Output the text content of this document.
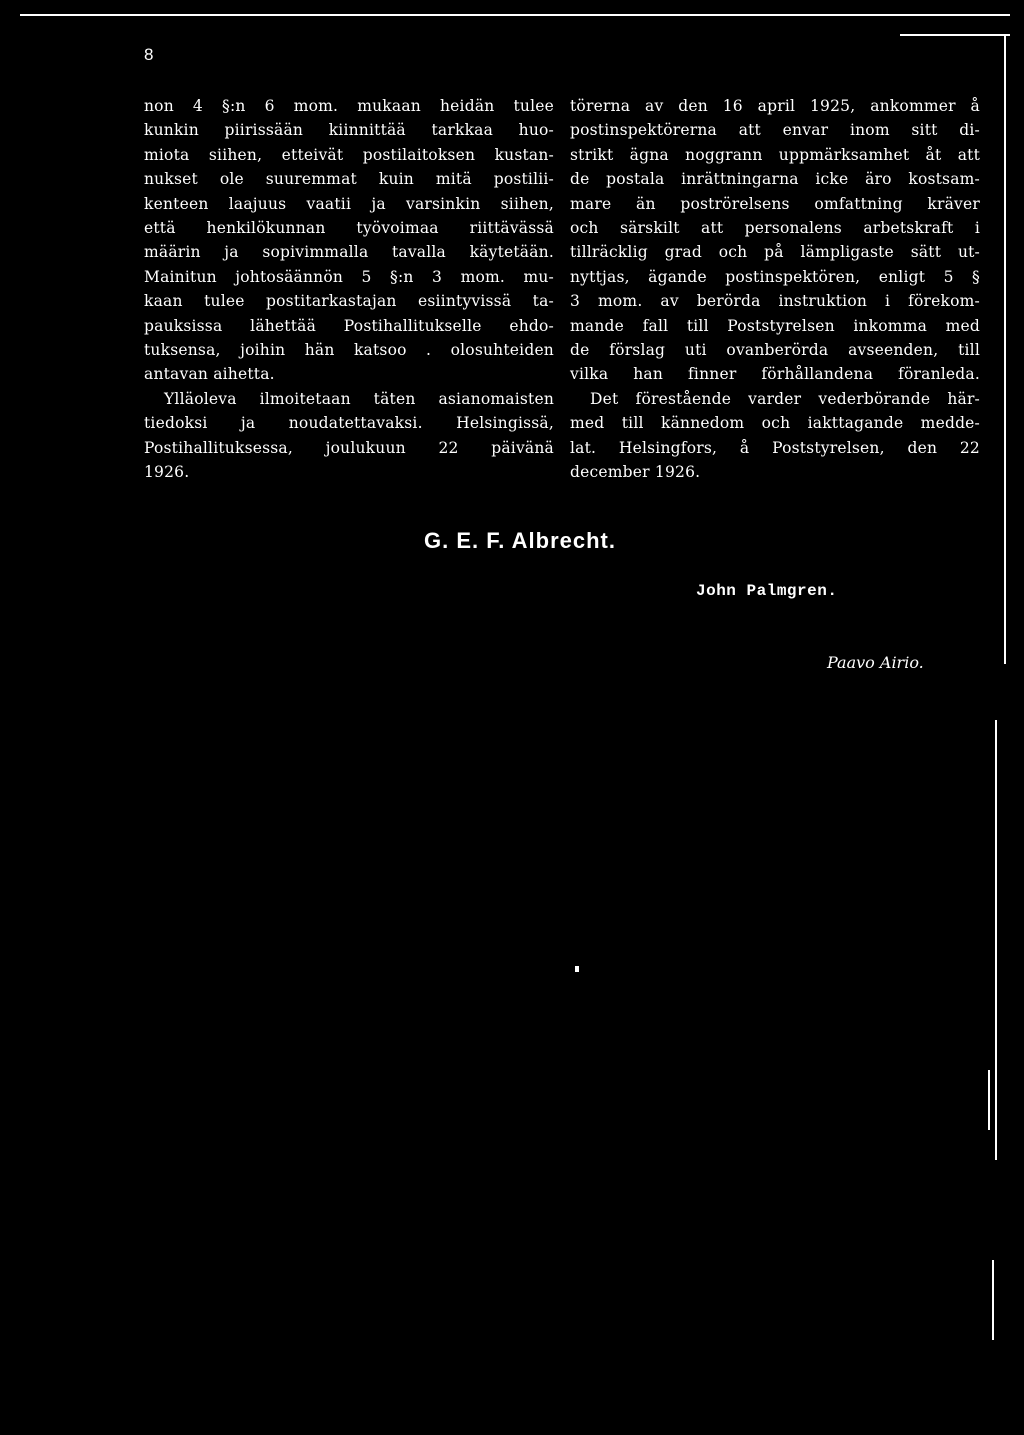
8
non 4 §:n 6 mom. mukaan heidän tulee
kunkin piirissään kiinnittää tarkkaa huo-
miota siihen, etteivät postilaitoksen kustan-
nukset ole suuremmat kuin mitä postilii-
kenteen laajuus vaatii ja varsinkin siihen,
että henkilökunnan työvoimaa riittävässä
määrin ja sopivimmalla tavalla käytetään.
Mainitun johtosäännön 5 §:n 3 mom. mu-
kaan tulee postitarkastajan esiintyvissä ta-
pauksissa lähettää Postihallitukselle ehdo-
tuksensa, joihin hän katsoo . olosuhteiden
antavan aihetta.
Ylläoleva ilmoitetaan täten asianomaisten
tiedoksi ja noudatettavaksi. Helsingissä,
Postihallituksessa, joulukuun 22 päivänä
1926.
törerna av den 16 april 1925, ankommer å
postinspektörerna att envar inom sitt di-
strikt ägna noggrann uppmärksamhet åt att
de postala inrättningarna icke äro kostsam-
mare än poströrelsens omfattning kräver
och särskilt att personalens arbetskraft i
tillräcklig grad och på lämpligaste sätt ut-
nyttjas, ägande postinspektören, enligt 5 §
3 mom. av berörda instruktion i förekom-
mande fall till Poststyrelsen inkomma med
de förslag uti ovanberörda avseenden, till
vilka han finner förhållandena föranleda.
Det förestående varder vederbörande här-
med till kännedom och iakttagande medde-
lat. Helsingfors, å Poststyrelsen, den 22
december 1926.
G. E. F. Albrecht.
John Palmgren.
Paavo Airio.
